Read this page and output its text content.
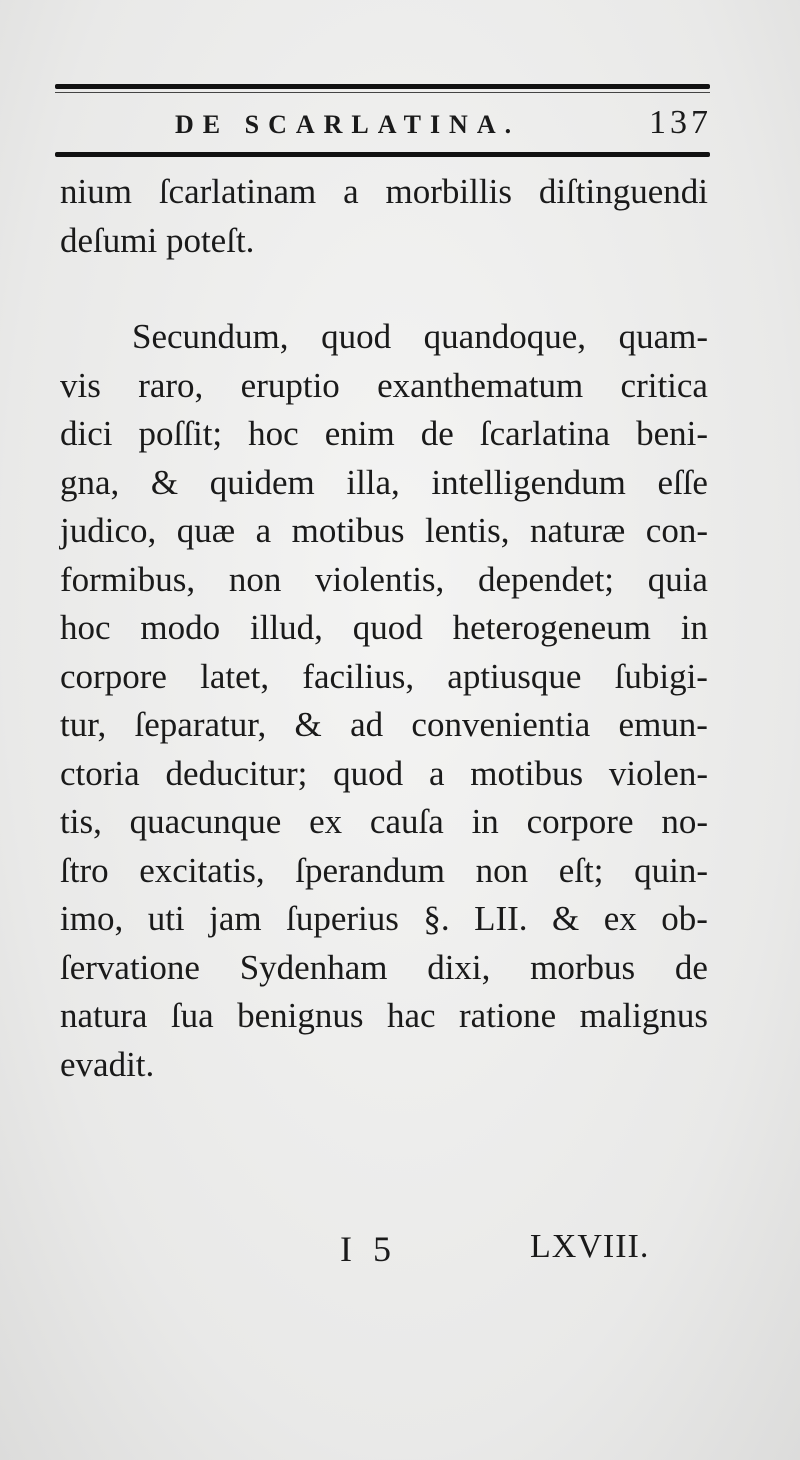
DE SCARLATINA.	137
nium ſcarlatinam a morbillis diſtinguendi
deſumi poteſt.
Secundum, quod quandoque, quam-
vis raro, eruptio exanthematum critica
dici poſſit; hoc enim de ſcarlatina beni-
gna, & quidem illa, intelligendum eſſe
judico, quæ a motibus lentis, naturæ con-
formibus, non violentis, dependet; quia
hoc modo illud, quod heterogeneum in
corpore latet, facilius, aptiusque ſubigi-
tur, ſeparatur, & ad convenientia emun-
ctoria deducitur; quod a motibus violen-
tis, quacunque ex cauſa in corpore no-
ſtro excitatis, ſperandum non eſt; quin-
imo, uti jam ſuperius §. LII. & ex ob-
ſervatione Sydenham dixi, morbus de
natura ſua benignus hac ratione malignus
evadit.
I 5	LXVIII.
